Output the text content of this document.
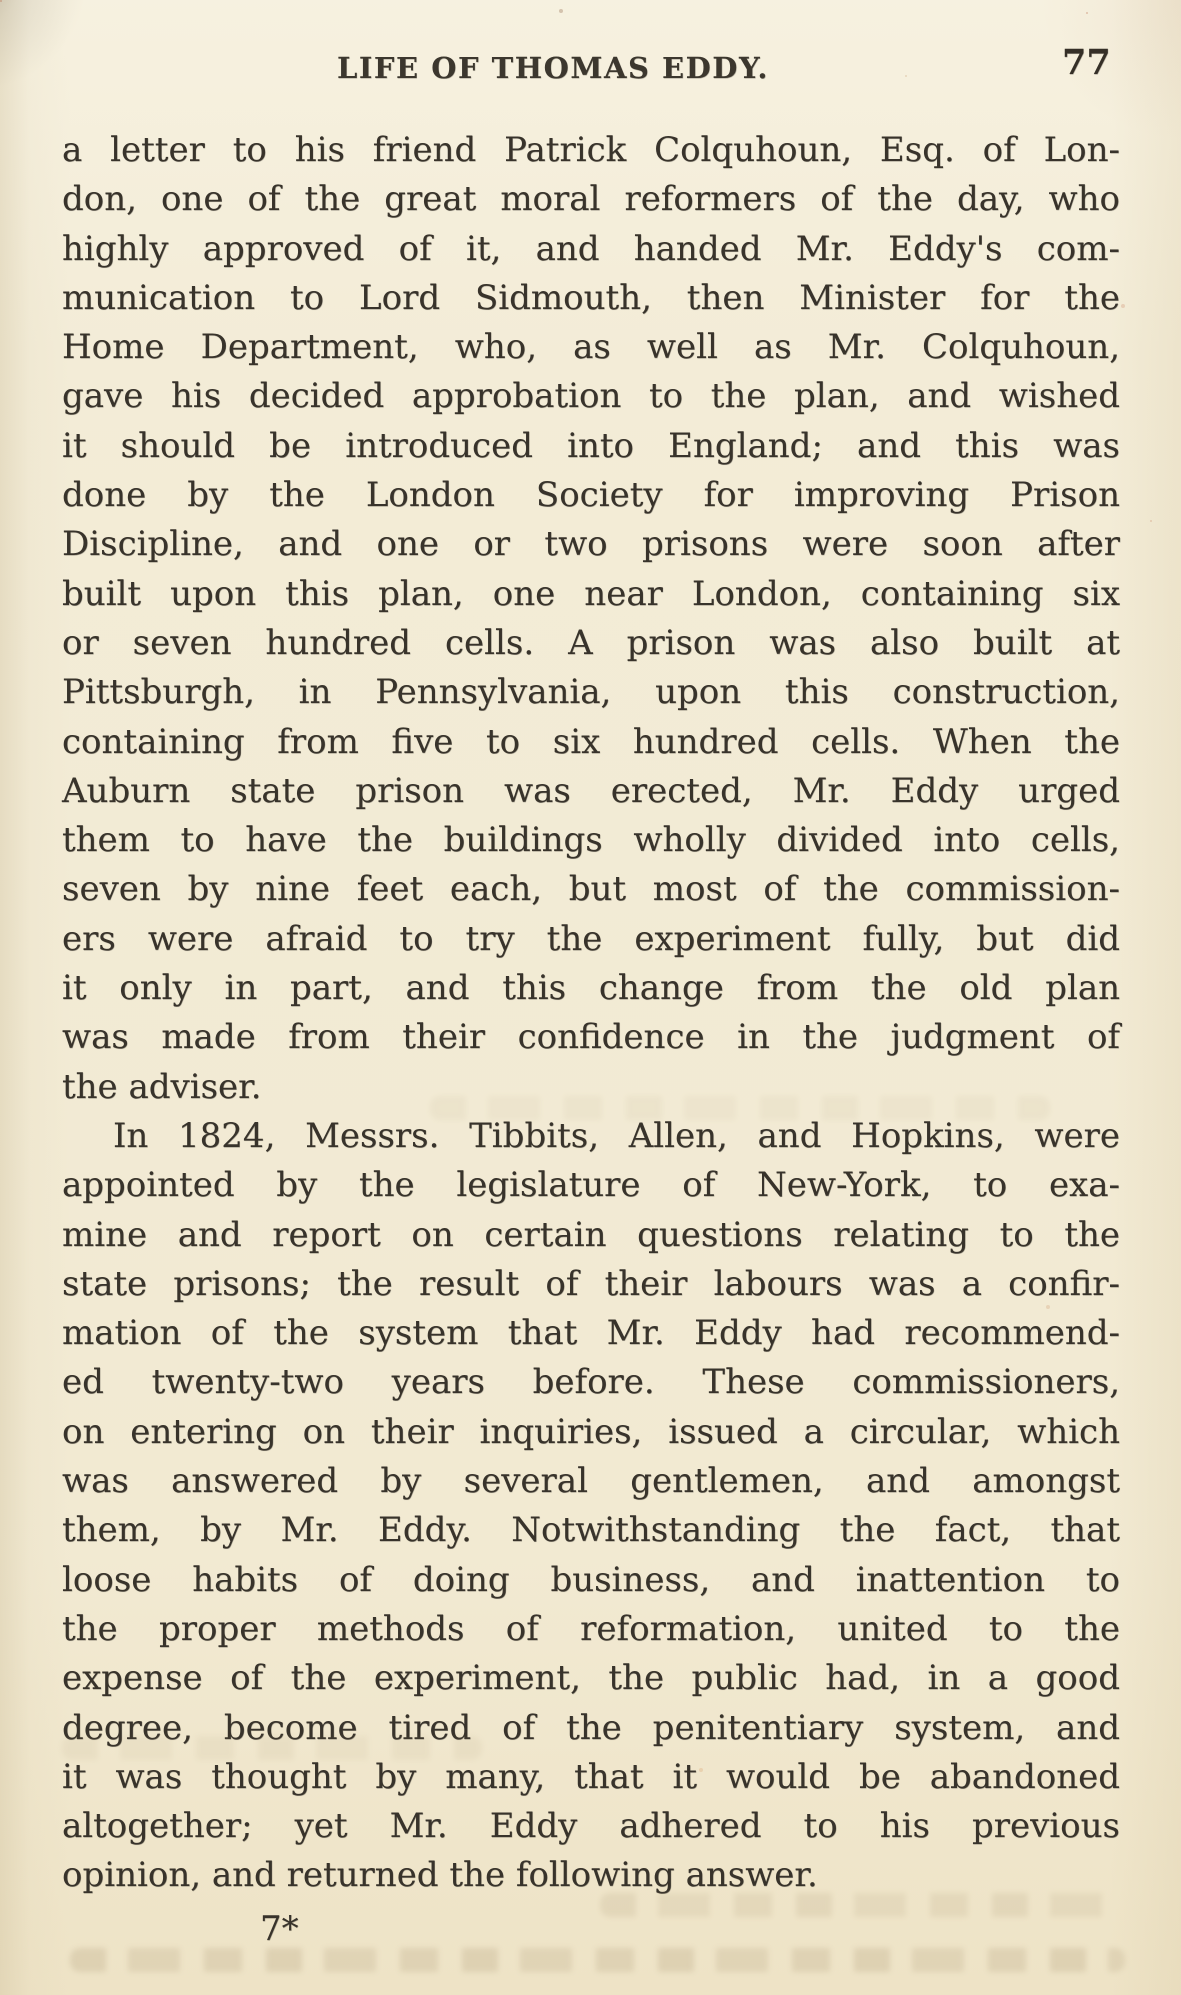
LIFE OF THOMAS EDDY.	77
a letter to his friend Patrick Colquhoun, Esq. of Lon-
don, one of the great moral reformers of the day, who
highly approved of it, and handed Mr. Eddy's com-
munication to Lord Sidmouth, then Minister for the
Home Department, who, as well as Mr. Colquhoun,
gave his decided approbation to the plan, and wished
it should be introduced into England; and this was
done by the London Society for improving Prison
Discipline, and one or two prisons were soon after
built upon this plan, one near London, containing six
or seven hundred cells. A prison was also built at
Pittsburgh, in Pennsylvania, upon this construction,
containing from five to six hundred cells. When the
Auburn state prison was erected, Mr. Eddy urged
them to have the buildings wholly divided into cells,
seven by nine feet each, but most of the commission-
ers were afraid to try the experiment fully, but did
it only in part, and this change from the old plan
was made from their confidence in the judgment of
the adviser.
In 1824, Messrs. Tibbits, Allen, and Hopkins, were
appointed by the legislature of New-York, to exa-
mine and report on certain questions relating to the
state prisons; the result of their labours was a confir-
mation of the system that Mr. Eddy had recommend-
ed twenty-two years before. These commissioners,
on entering on their inquiries, issued a circular, which
was answered by several gentlemen, and amongst
them, by Mr. Eddy. Notwithstanding the fact, that
loose habits of doing business, and inattention to
the proper methods of reformation, united to the
expense of the experiment, the public had, in a good
degree, become tired of the penitentiary system, and
it was thought by many, that it would be abandoned
altogether; yet Mr. Eddy adhered to his previous
opinion, and returned the following answer.
7*
